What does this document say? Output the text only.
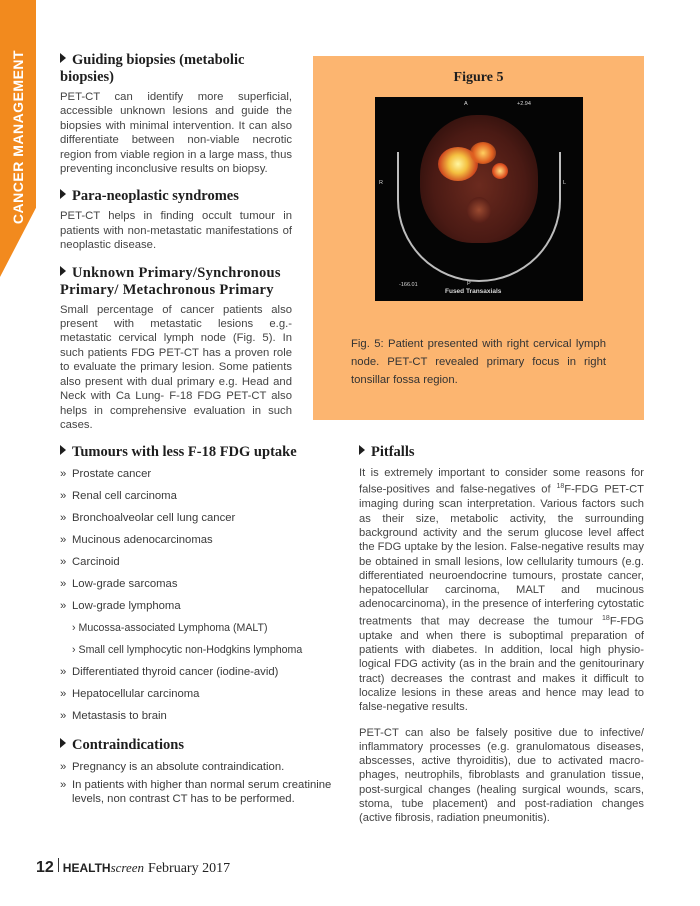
CANCER MANAGEMENT	Guiding biopsies (metabolic biopsies)

PET-CT can identify more superficial, accessible unknown lesions and guide the biopsies with minimal intervention. It can also differentiate between non-viable necrotic region from viable region in a large mass, thus preventing inconclusive results on biopsy.

Para-neoplastic syndromes

PET-CT helps in finding occult tumour in patients with non-metastatic manifestations of neoplastic disease.

Unknown Primary/Synchronous Primary/ Metachronous Primary

Small percentage of cancer patients also present with metastatic lesions e.g.- metastatic cervical lymph node (Fig. 5). In such patients FDG PET-CT has a proven role to evaluate the primary lesion. Some patients also present with dual primary e.g. Head and Neck with Ca Lung- F-18 FDG PET-CT also helps in comprehensive evaluation in such cases.

Figure 5
A	+2.94
R	L
-166.01	P
Fused Transaxials

Fig. 5: Patient presented with right cervical lymph node. PET-CT revealed primary focus in right tonsillar fossa region.

Tumours with less F-18 FDG uptake
» Prostate cancer
» Renal cell carcinoma
» Bronchoalveolar cell lung cancer
» Mucinous adenocarcinomas
» Carcinoid
» Low-grade sarcomas
» Low-grade lymphoma
› Mucossa-associated Lymphoma (MALT)
› Small cell lymphocytic non-Hodgkins lymphoma
» Differentiated thyroid cancer (iodine-avid)
» Hepatocellular carcinoma
» Metastasis to brain
Contraindications
» Pregnancy is an absolute contraindication.
» In patients with higher than normal serum creatinine levels, non contrast CT has to be performed.
Pitfalls

It is extremely important to consider some reasons for false-positives and false-negatives of $^{18}$F-FDG PET-CT imaging during scan interpretation. Various factors such as their size, metabolic activity, the surrounding background activity and the serum glucose level affect the FDG uptake by the lesion. False-negative results may be obtained in small lesions, low cellularity tumours (e.g. differentiated neuroendocrine tumours, prostate cancer, hepatocellular carcinoma, MALT and mucinous adenocarcinoma), in the presence of interfering cytostatic treatments that may decrease the tumour $^{18}$F-FDG uptake and when there is suboptimal preparation of patients with diabetes. In addition, local high physio-logical FDG activity (as in the brain and the genitourinary tract) decreases the contrast and makes it difficult to localize lesions in these areas and hence may lead to false-negative results.

PET-CT can also be falsely positive due to infective/ inflammatory processes (e.g. granulomatous diseases, abscesses, active thyroiditis), due to activated macro-phages, neutrophils, fibroblasts and granulation tissue, post-surgical changes (healing surgical wounds, scars, stoma, tube placement) and post-radiation changes (active fibrosis, radiation pneumonitis).

12 HEALTH screen February 2017
